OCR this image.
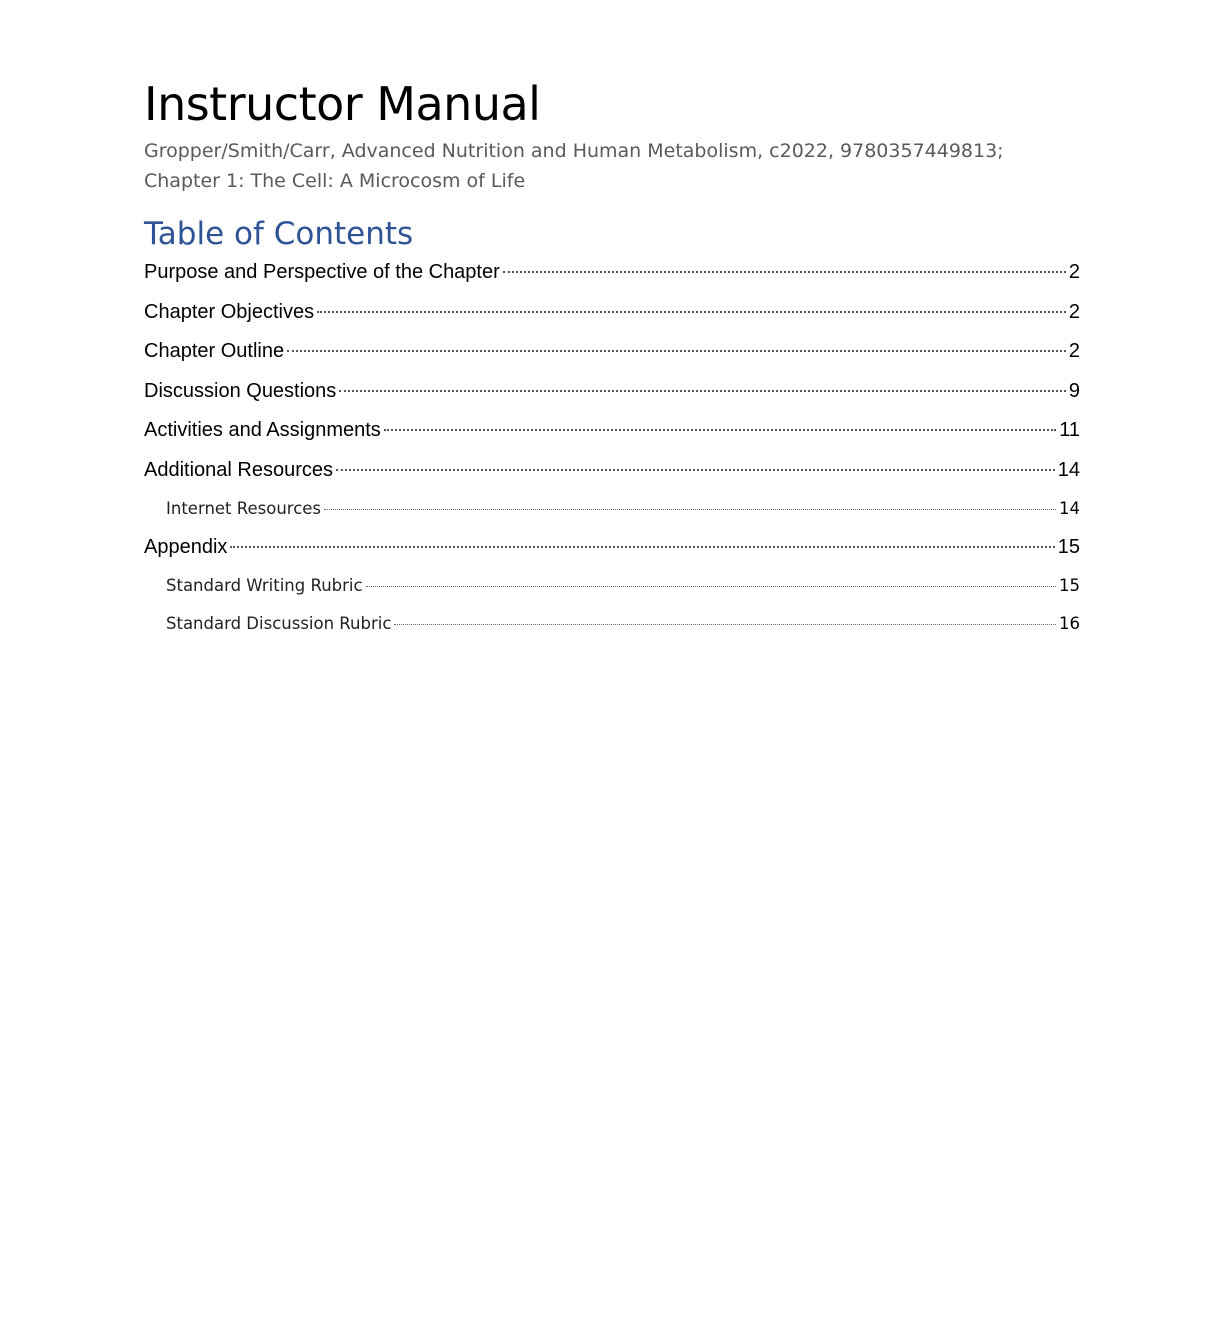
Instructor Manual
Gropper/Smith/Carr, Advanced Nutrition and Human Metabolism, c2022, 9780357449813;
Chapter 1: The Cell: A Microcosm of Life
Table of Contents
Purpose and Perspective of the Chapter	2
Chapter Objectives	2
Chapter Outline	2
Discussion Questions	9
Activities and Assignments	11
Additional Resources	14
Internet Resources	14
Appendix	15
Standard Writing Rubric	15
Standard Discussion Rubric	16
